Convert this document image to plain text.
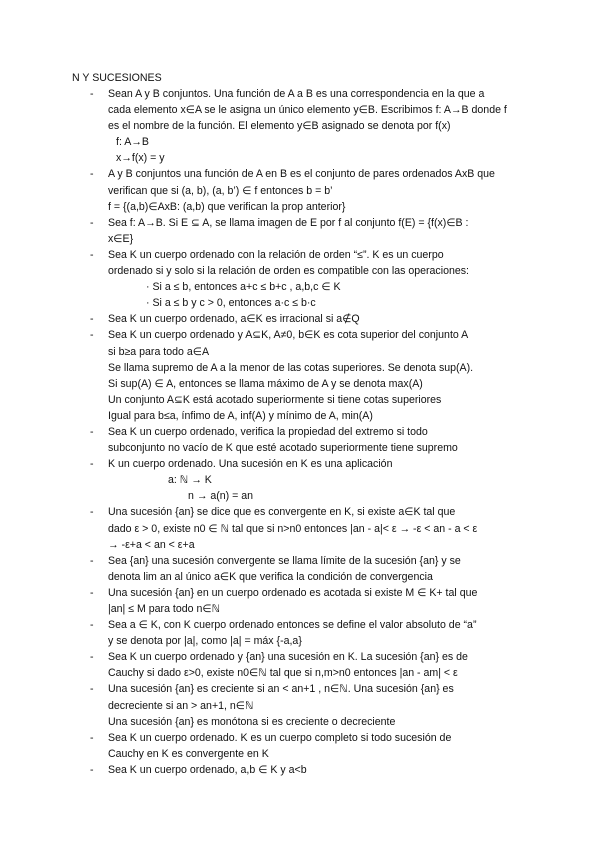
N Y SUCESIONES
- Sean A y B conjuntos. Una función de A a B es una correspondencia en la que a
cada elemento x∈A se le asigna un único elemento y∈B. Escribimos f: A→B donde f
es el nombre de la función. El elemento y∈B asignado se denota por f(x)
f: A→B
x→f(x) = y
- A y B conjuntos una función de A en B es el conjunto de pares ordenados AxB que
verifican que si (a, b), (a, b’) ∈ f entonces b = b’
f = {(a,b)∈AxB: (a,b) que verifican la prop anterior}
- Sea f: A→B. Si E ⊆ A, se llama imagen de E por f al conjunto f(E) = {f(x)∈B :
x∈E}
- Sea K un cuerpo ordenado con la relación de orden “≤”. K es un cuerpo
ordenado si y solo si la relación de orden es compatible con las operaciones:
· Si a ≤ b, entonces a+c ≤ b+c , a,b,c ∈ K
· Si a ≤ b y c > 0, entonces a·c ≤ b·c
- Sea K un cuerpo ordenado, a∈K es irracional si a∉Q
- Sea K un cuerpo ordenado y A⊆K, A≠0, b∈K es cota superior del conjunto A
si b≥a para todo a∈A
Se llama supremo de A a la menor de las cotas superiores. Se denota sup(A).
Si sup(A) ∈ A, entonces se llama máximo de A y se denota max(A)
Un conjunto A⊆K está acotado superiormente si tiene cotas superiores
Igual para b≤a, ínfimo de A, inf(A) y mínimo de A, min(A)
- Sea K un cuerpo ordenado, verifica la propiedad del extremo si todo
subconjunto no vacío de K que esté acotado superiormente tiene supremo
- K un cuerpo ordenado. Una sucesión en K es una aplicación
a: ℕ → K
n → a(n) = an
- Una sucesión {an} se dice que es convergente en K, si existe a∈K tal que
dado ε > 0, existe n0 ∈ ℕ tal que si n>n0 entonces |an - a|< ε → -ε < an - a < ε
→ -ε+a < an < ε+a
- Sea {an} una sucesión convergente se llama límite de la sucesión {an} y se
denota lim an al único a∈K que verifica la condición de convergencia
- Una sucesión {an} en un cuerpo ordenado es acotada si existe M ∈ K+ tal que
|an| ≤ M para todo n∈ℕ
- Sea a ∈ K, con K cuerpo ordenado entonces se define el valor absoluto de “a”
y se denota por |a|, como |a| = máx {-a,a}
- Sea K un cuerpo ordenado y {an} una sucesión en K. La sucesión {an} es de
Cauchy si dado ε>0, existe n0∈ℕ tal que si n,m>n0 entonces |an - am| < ε
- Una sucesión {an} es creciente si an < an+1 , n∈ℕ. Una sucesión {an} es
decreciente si an > an+1, n∈ℕ
Una sucesión {an} es monótona si es creciente o decreciente
- Sea K un cuerpo ordenado. K es un cuerpo completo si todo sucesión de
Cauchy en K es convergente en K
- Sea K un cuerpo ordenado, a,b ∈ K y a<b
